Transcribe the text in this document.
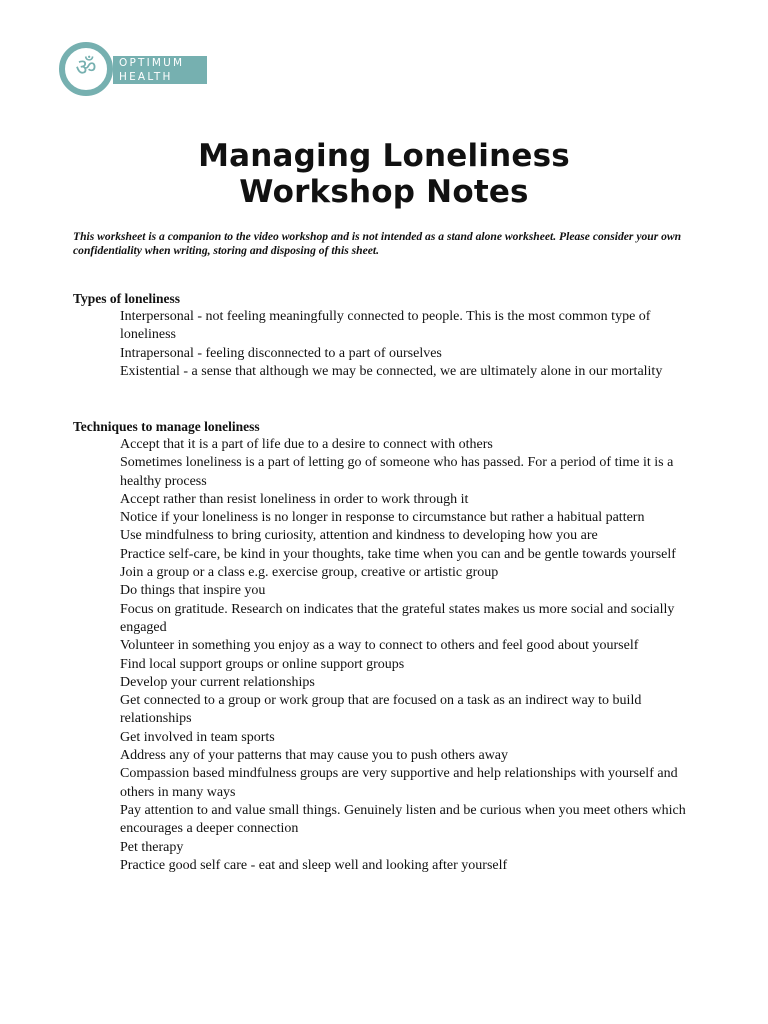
ॐ OPTIMUM
HEALTH
Managing Loneliness
Workshop Notes
This worksheet is a companion to the video workshop and is not intended as a stand alone worksheet. Please consider your own confidentiality when writing, storing and disposing of this sheet.

Types of loneliness

Interpersonal - not feeling meaningfully connected to people. This is the most common type of loneliness
Intrapersonal - feeling disconnected to a part of ourselves
Existential - a sense that although we may be connected, we are ultimately alone in our mortality

Techniques to manage loneliness

Accept that it is a part of life due to a desire to connect with others
Sometimes loneliness is a part of letting go of someone who has passed. For a period of time it is a healthy process
Accept rather than resist loneliness in order to work through it
Notice if your loneliness is no longer in response to circumstance but rather a habitual pattern
Use mindfulness to bring curiosity, attention and kindness to developing how you are
Practice self-care, be kind in your thoughts, take time when you can and be gentle towards yourself
Join a group or a class e.g. exercise group, creative or artistic group
Do things that inspire you
Focus on gratitude. Research on indicates that the grateful states makes us more social and socially engaged
Volunteer in something you enjoy as a way to connect to others and feel good about yourself
Find local support groups or online support groups
Develop your current relationships
Get connected to a group or work group that are focused on a task as an indirect way to build relationships
Get involved in team sports
Address any of your patterns that may cause you to push others away
Compassion based mindfulness groups are very supportive and help relationships with yourself and others in many ways
Pay attention to and value small things. Genuinely listen and be curious when you meet others which encourages a deeper connection
Pet therapy
Practice good self care - eat and sleep well and looking after yourself
